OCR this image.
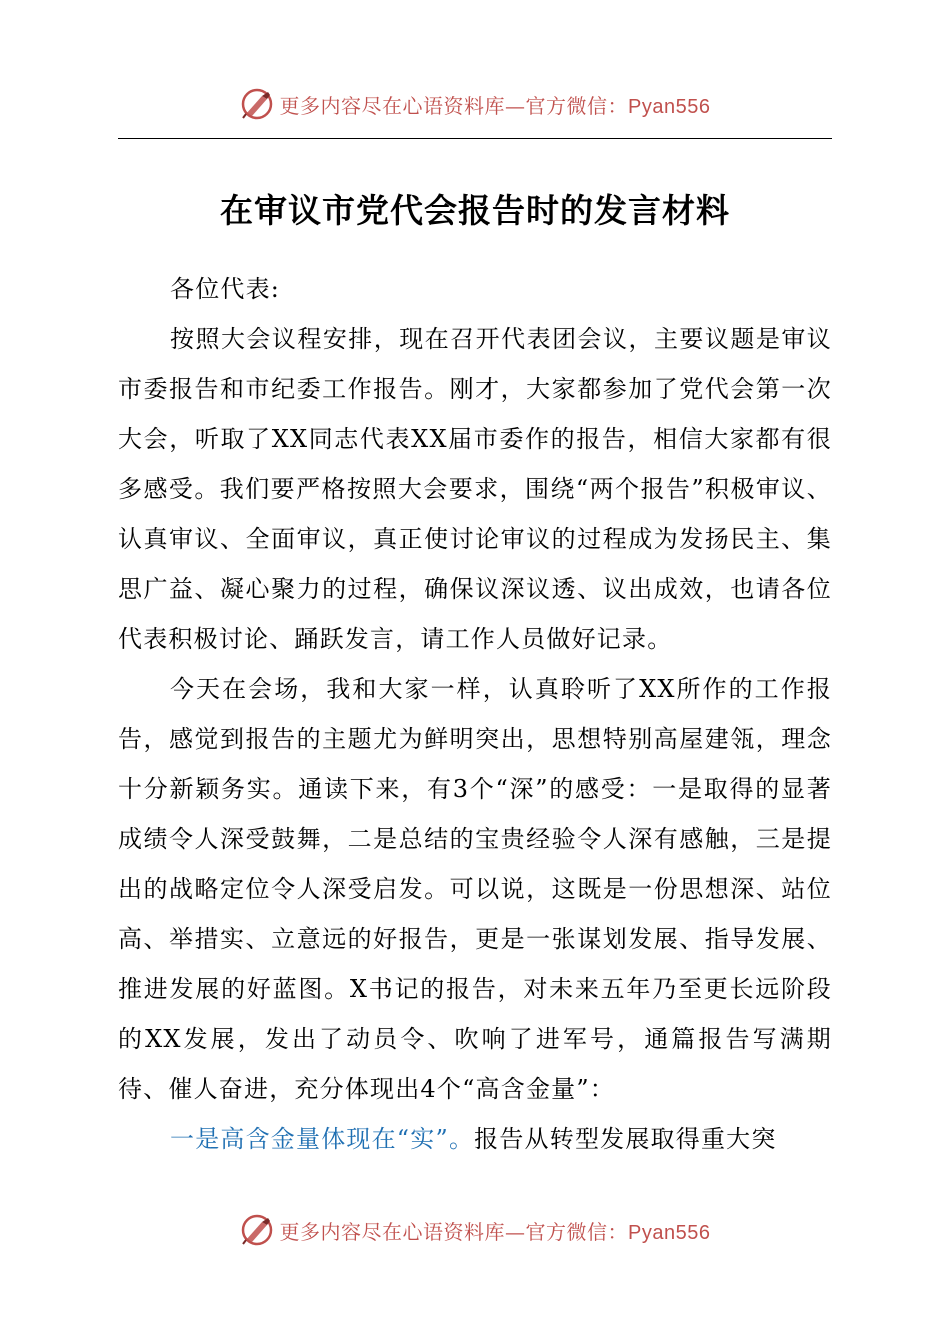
更多内容尽在心语资料库—官方微信：Pyan556
在审议市党代会报告时的发言材料

各位代表:

按照大会议程安排，现在召开代表团会议，主要议题是审议市委报告和市纪委工作报告。刚才，大家都参加了党代会第一次大会，听取了XX同志代表XX届市委作的报告，相信大家都有很多感受。我们要严格按照大会要求，围绕“两个报告”积极审议、认真审议、全面审议，真正使讨论审议的过程成为发扬民主、集思广益、凝心聚力的过程，确保议深议透、议出成效，也请各位代表积极讨论、踊跃发言，请工作人员做好记录。

今天在会场，我和大家一样，认真聆听了XX所作的工作报告，感觉到报告的主题尤为鲜明突出，思想特别高屋建瓴，理念十分新颖务实。通读下来，有3个“深”的感受：一是取得的显著成绩令人深受鼓舞，二是总结的宝贵经验令人深有感触，三是提出的战略定位令人深受启发。可以说，这既是一份思想深、站位高、举措实、立意远的好报告，更是一张谋划发展、指导发展、推进发展的好蓝图。X书记的报告，对未来五年乃至更长远阶段的XX发展，发出了动员令、吹响了进军号，通篇报告写满期待、催人奋进，充分体现出4个“高含金量”：

一是高含金量体现在“实”。报告从转型发展取得重大突

更多内容尽在心语资料库—官方微信：Pyan556
